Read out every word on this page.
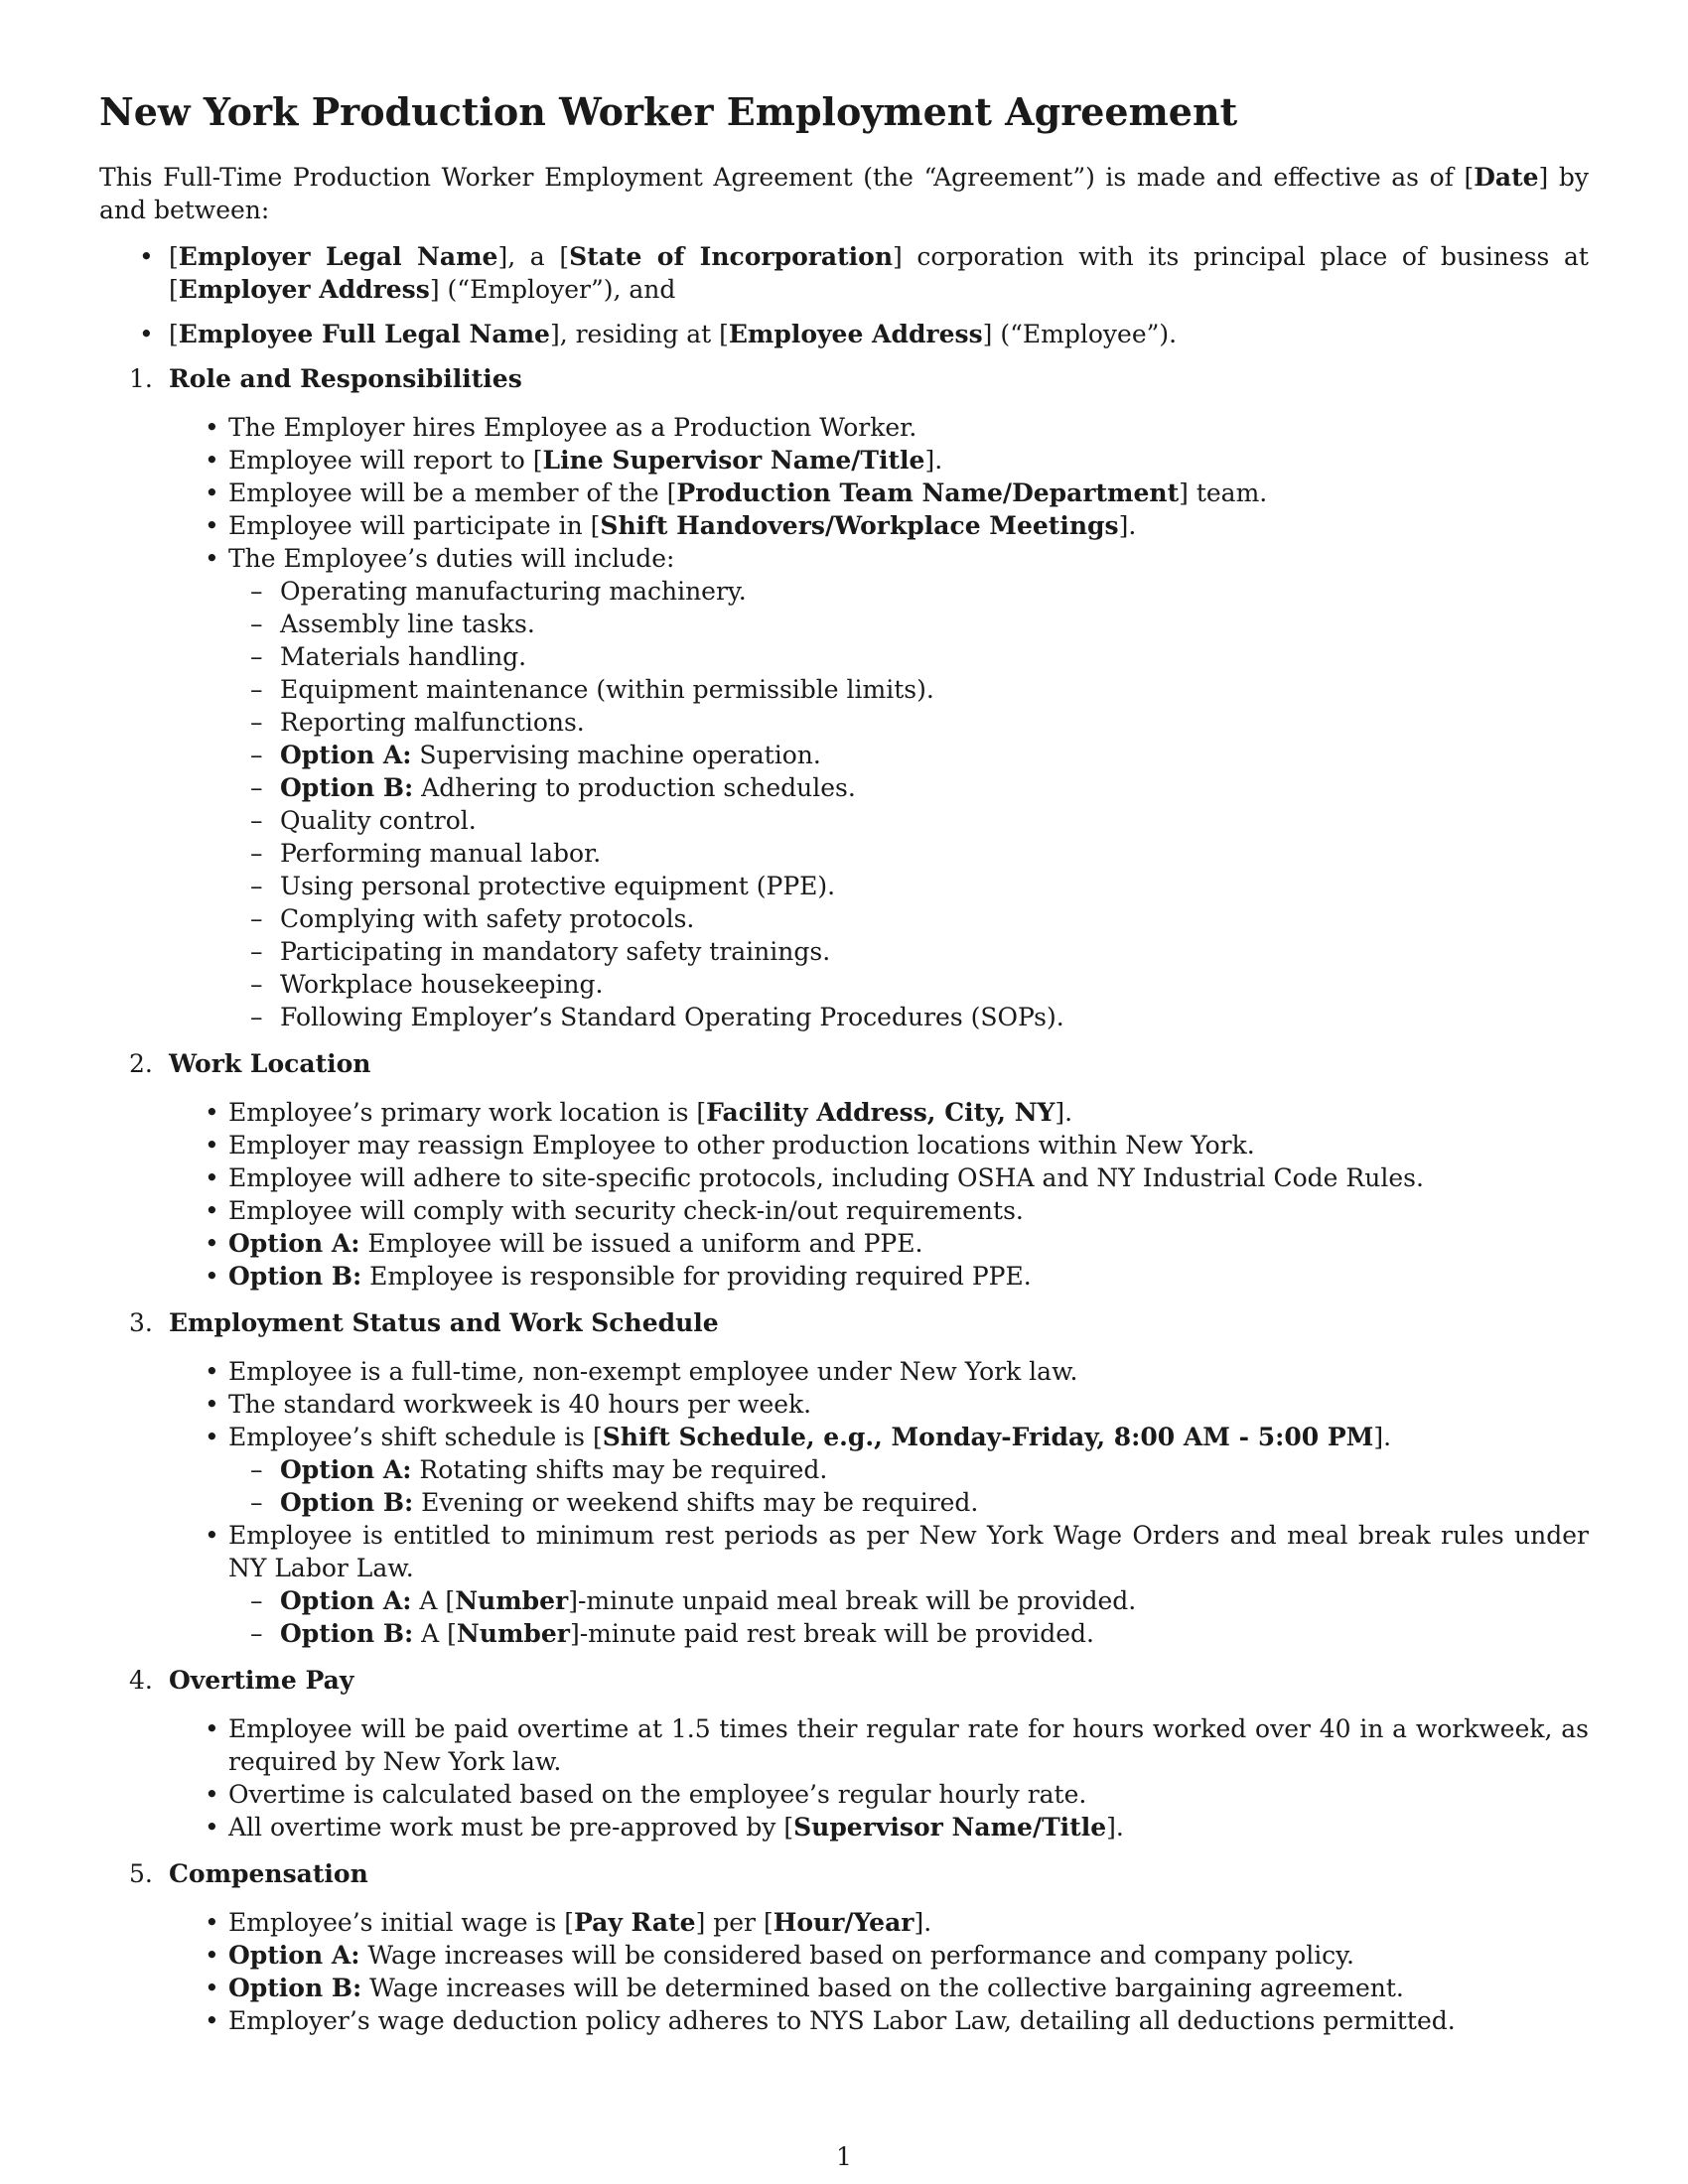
New York Production Worker Employment Agreement

This Full-Time Production Worker Employment Agreement (the “Agreement”) is made and effective as of [Date] by and between:

• [Employer Legal Name], a [State of Incorporation] corporation with its principal place of business at [Employer Address] (“Employer”), and
• [Employee Full Legal Name], residing at [Employee Address] (“Employee”).
1. Role and Responsibilities
• The Employer hires Employee as a Production Worker.
• Employee will report to [Line Supervisor Name/Title].
• Employee will be a member of the [Production Team Name/Department] team.
• Employee will participate in [Shift Handovers/Workplace Meetings].
• The Employee’s duties will include:
– Operating manufacturing machinery.
– Assembly line tasks.
– Materials handling.
– Equipment maintenance (within permissible limits).
– Reporting malfunctions.
– Option A: Supervising machine operation.
– Option B: Adhering to production schedules.
– Quality control.
– Performing manual labor.
– Using personal protective equipment (PPE).
– Complying with safety protocols.
– Participating in mandatory safety trainings.
– Workplace housekeeping.
– Following Employer’s Standard Operating Procedures (SOPs).
2. Work Location
• Employee’s primary work location is [Facility Address, City, NY].
• Employer may reassign Employee to other production locations within New York.
• Employee will adhere to site-specific protocols, including OSHA and NY Industrial Code Rules.
• Employee will comply with security check-in/out requirements.
• Option A: Employee will be issued a uniform and PPE.
• Option B: Employee is responsible for providing required PPE.
3. Employment Status and Work Schedule
• Employee is a full-time, non-exempt employee under New York law.
• The standard workweek is 40 hours per week.
• Employee’s shift schedule is [Shift Schedule, e.g., Monday-Friday, 8:00 AM - 5:00 PM].
– Option A: Rotating shifts may be required.
– Option B: Evening or weekend shifts may be required.
• Employee is entitled to minimum rest periods as per New York Wage Orders and meal break rules under NY Labor Law.
– Option A: A [Number]-minute unpaid meal break will be provided.
– Option B: A [Number]-minute paid rest break will be provided.
4. Overtime Pay
• Employee will be paid overtime at 1.5 times their regular rate for hours worked over 40 in a workweek, as required by New York law.
• Overtime is calculated based on the employee’s regular hourly rate.
• All overtime work must be pre-approved by [Supervisor Name/Title].
5. Compensation
• Employee’s initial wage is [Pay Rate] per [Hour/Year].
• Option A: Wage increases will be considered based on performance and company policy.
• Option B: Wage increases will be determined based on the collective bargaining agreement.
• Employer’s wage deduction policy adheres to NYS Labor Law, detailing all deductions permitted.
1
